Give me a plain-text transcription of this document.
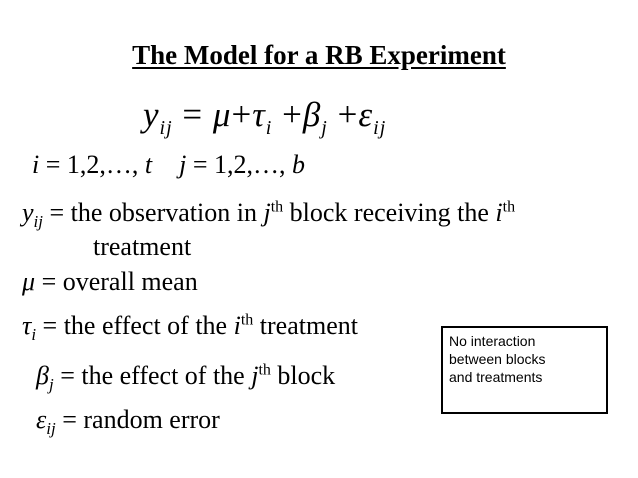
The Model for a RB Experiment
$y_{ij} = \mu+\tau_i +\beta_j +\varepsilon_{ij}$
i = 1,2,…, t j = 1,2,…, b
$y_{ij}$ = the observation in $j^{th}$ block receiving the $i^{th}$
treatment
μ = overall mean
$\tau_i$ = the effect of the $i^{th}$ treatment
$\beta_j$ = the effect of the $j^{th}$ block
$\varepsilon_{ij}$ = random error
No interaction
between blocks
and treatments
